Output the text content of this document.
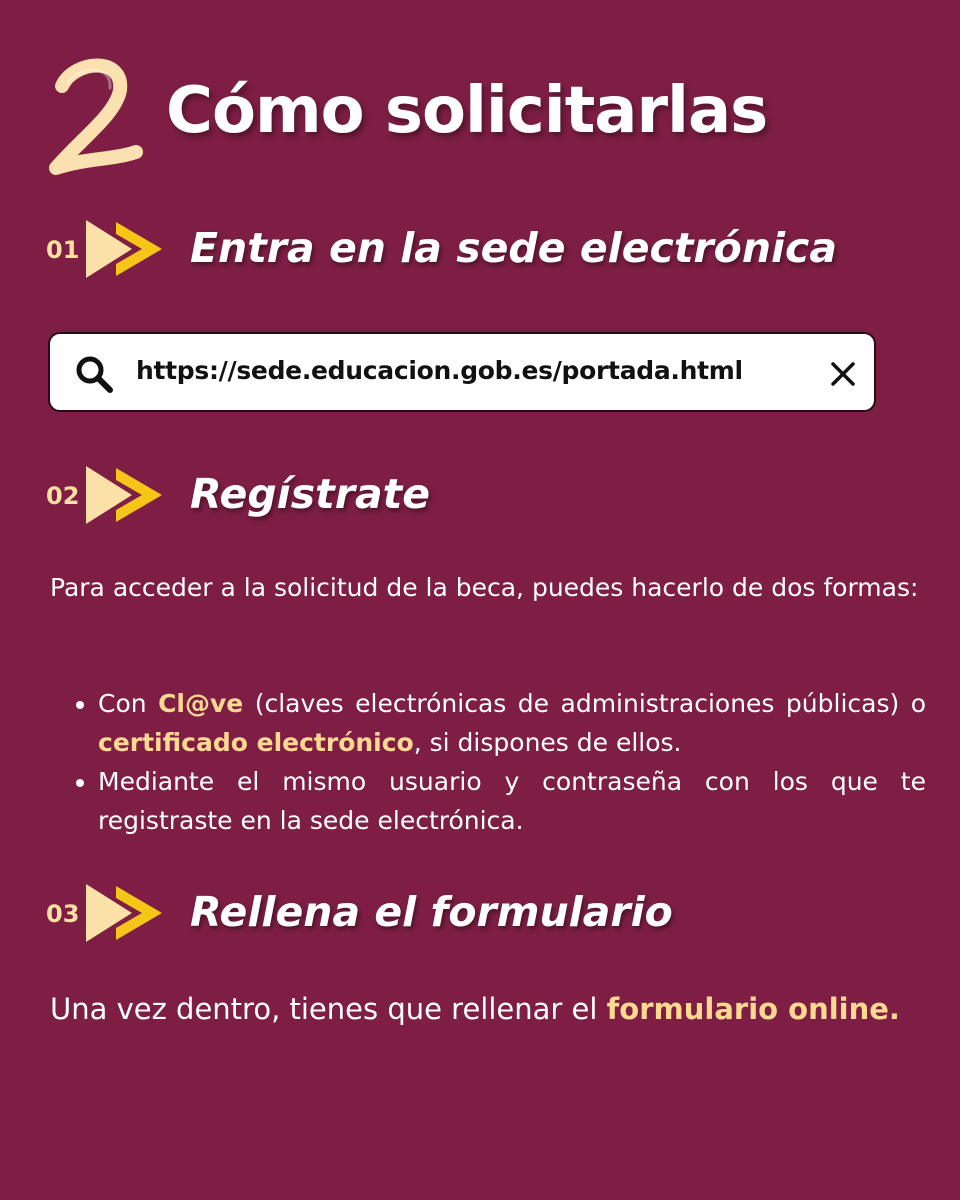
Cómo solicitarlas
01	Entra en la sede electrónica
https://sede.educacion.gob.es/portada.html
02	Regístrate
Para acceder a la solicitud de la beca, puedes hacerlo de dos formas:
• Con Cl@ve (claves electrónicas de administraciones públicas) o certificado electrónico, si dispones de ellos.
• Mediante el mismo usuario y contraseña con los que te registraste en la sede electrónica.
03	Rellena el formulario
Una vez dentro, tienes que rellenar el formulario online.
